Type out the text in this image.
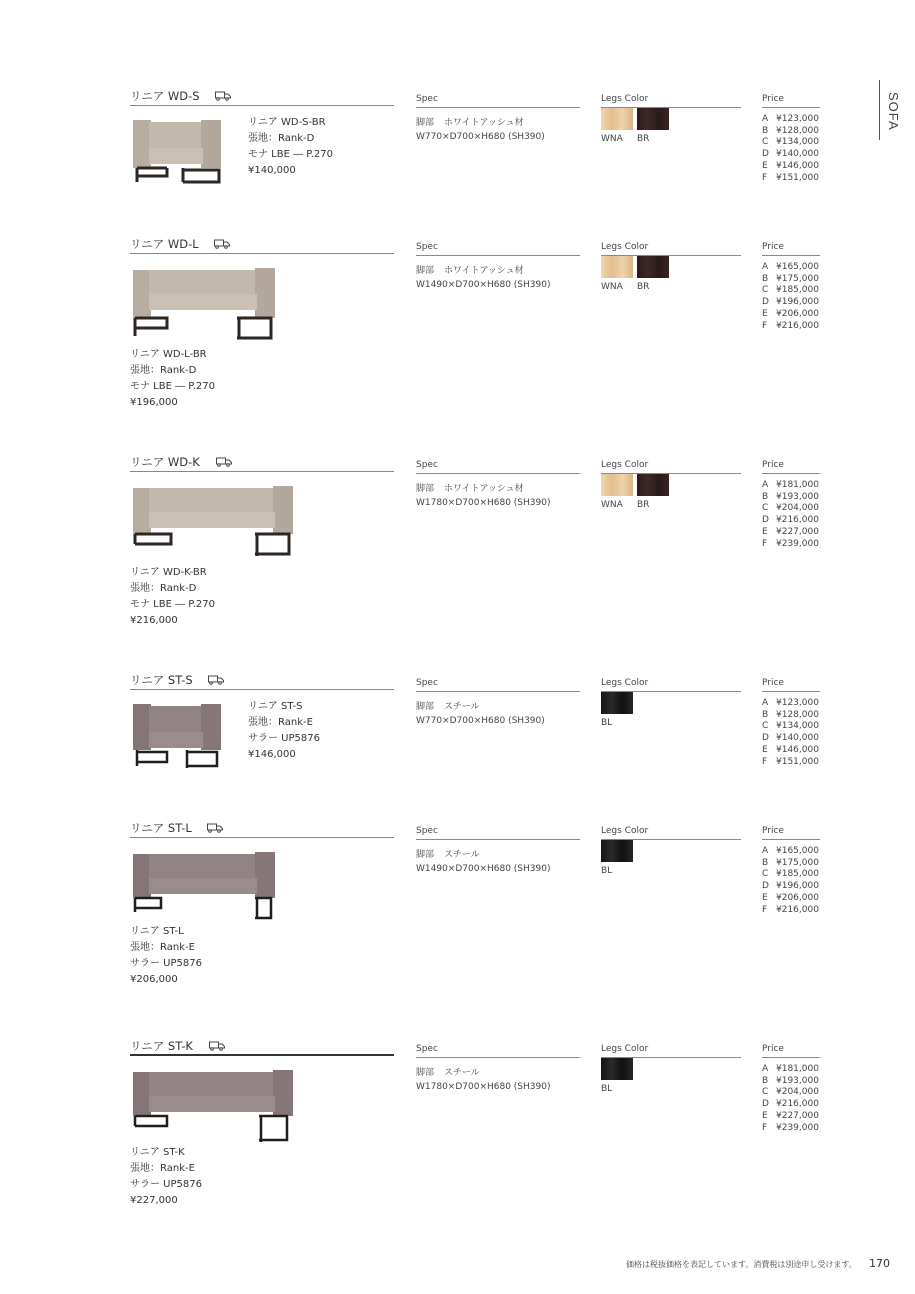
SOFA
リニア WD-S	Spec	Legs Color	Price
リニア WD-S-BR
張地：Rank-D
モナ LBE ― P.270
¥140,000
脚部 ホワイトアッシュ材
W770×D700×H680 (SH390)	WNA BR
A ¥123,000
B ¥128,000
C ¥134,000
D ¥140,000
E ¥146,000
F ¥151,000
リニア WD-L	Spec	Legs Color	Price
リニア WD-L-BR
張地：Rank-D
モナ LBE ― P.270
¥196,000
脚部 ホワイトアッシュ材
W1490×D700×H680 (SH390)	WNA BR
A ¥165,000
B ¥175,000
C ¥185,000
D ¥196,000
E ¥206,000
F ¥216,000
リニア WD-K	Spec	Legs Color	Price
リニア WD-K-BR
張地：Rank-D
モナ LBE ― P.270
¥216,000
脚部 ホワイトアッシュ材
W1780×D700×H680 (SH390)	WNA BR
A ¥181,000
B ¥193,000
C ¥204,000
D ¥216,000
E ¥227,000
F ¥239,000
リニア ST-S	Spec	Legs Color	Price
リニア ST-S
張地：Rank-E
サラー UP5876
¥146,000
脚部 スチール
W770×D700×H680 (SH390)	BL
A ¥123,000
B ¥128,000
C ¥134,000
D ¥140,000
E ¥146,000
F ¥151,000
リニア ST-L	Spec	Legs Color	Price
リニア ST-L
張地：Rank-E
サラー UP5876
¥206,000
脚部 スチール
W1490×D700×H680 (SH390)	BL
A ¥165,000
B ¥175,000
C ¥185,000
D ¥196,000
E ¥206,000
F ¥216,000
リニア ST-K	Spec	Legs Color	Price
リニア ST-K
張地：Rank-E
サラー UP5876
¥227,000
脚部 スチール
W1780×D700×H680 (SH390)	BL
A ¥181,000
B ¥193,000
C ¥204,000
D ¥216,000
E ¥227,000
F ¥239,000
価格は税抜価格を表記しています。消費税は別途申し受けます。 170
